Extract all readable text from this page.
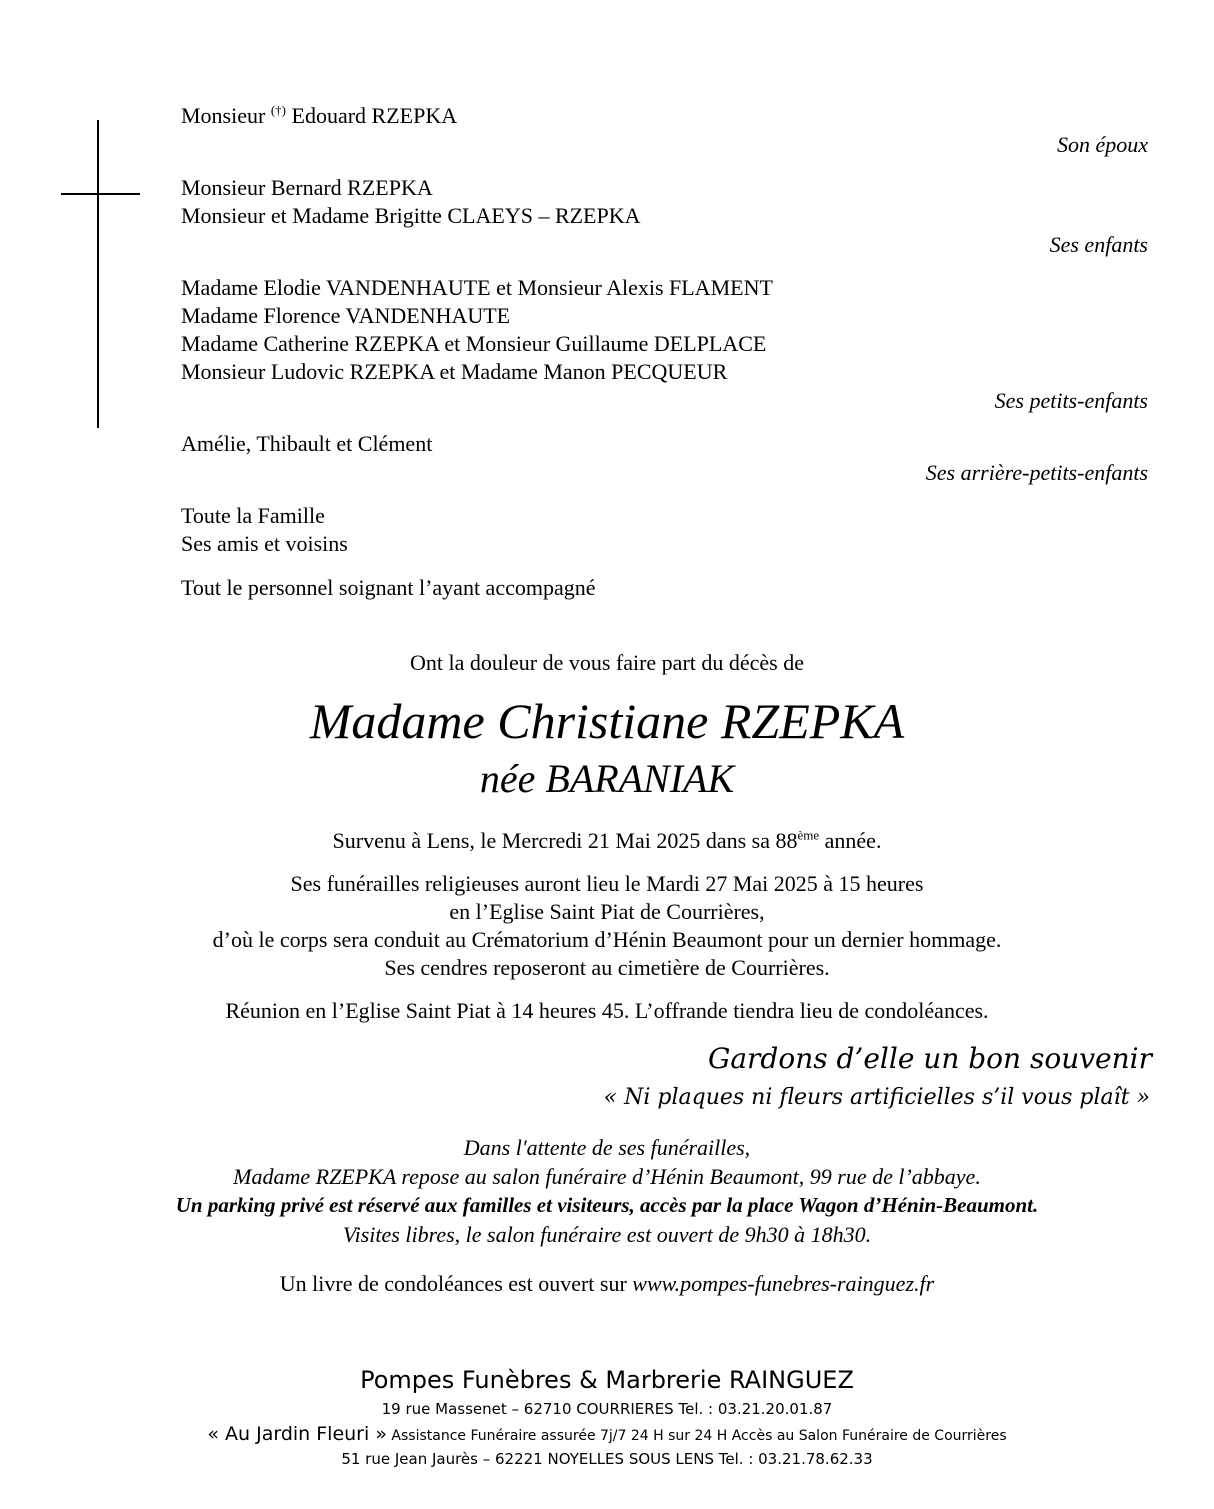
Monsieur (†) Edouard RZEPKA
Son époux
Monsieur Bernard RZEPKA
Monsieur et Madame Brigitte CLAEYS – RZEPKA
Ses enfants
Madame Elodie VANDENHAUTE et Monsieur Alexis FLAMENT
Madame Florence VANDENHAUTE
Madame Catherine RZEPKA et Monsieur Guillaume DELPLACE
Monsieur Ludovic RZEPKA et Madame Manon PECQUEUR
Ses petits-enfants
Amélie, Thibault et Clément
Ses arrière-petits-enfants
Toute la Famille
Ses amis et voisins
Tout le personnel soignant l’ayant accompagné
Ont la douleur de vous faire part du décès de
Madame Christiane RZEPKA
née BARANIAK
Survenu à Lens, le Mercredi 21 Mai 2025 dans sa 88ème année.
Ses funérailles religieuses auront lieu le Mardi 27 Mai 2025 à 15 heures
en l’Eglise Saint Piat de Courrières,
d’où le corps sera conduit au Crématorium d’Hénin Beaumont pour un dernier hommage.
Ses cendres reposeront au cimetière de Courrières.
Réunion en l’Eglise Saint Piat à 14 heures 45. L’offrande tiendra lieu de condoléances.
Gardons d’elle un bon souvenir
« Ni plaques ni fleurs artificielles s’il vous plaît »
Dans l'attente de ses funérailles,
Madame RZEPKA repose au salon funéraire d’Hénin Beaumont, 99 rue de l’abbaye.
Un parking privé est réservé aux familles et visiteurs, accès par la place Wagon d’Hénin-Beaumont.
Visites libres, le salon funéraire est ouvert de 9h30 à 18h30.
Un livre de condoléances est ouvert sur www.pompes-funebres-rainguez.fr
Pompes Funèbres & Marbrerie RAINGUEZ
19 rue Massenet – 62710 COURRIERES Tel. : 03.21.20.01.87
« Au Jardin Fleuri » Assistance Funéraire assurée 7j/7 24 H sur 24 H Accès au Salon Funéraire de Courrières
51 rue Jean Jaurès – 62221 NOYELLES SOUS LENS Tel. : 03.21.78.62.33
